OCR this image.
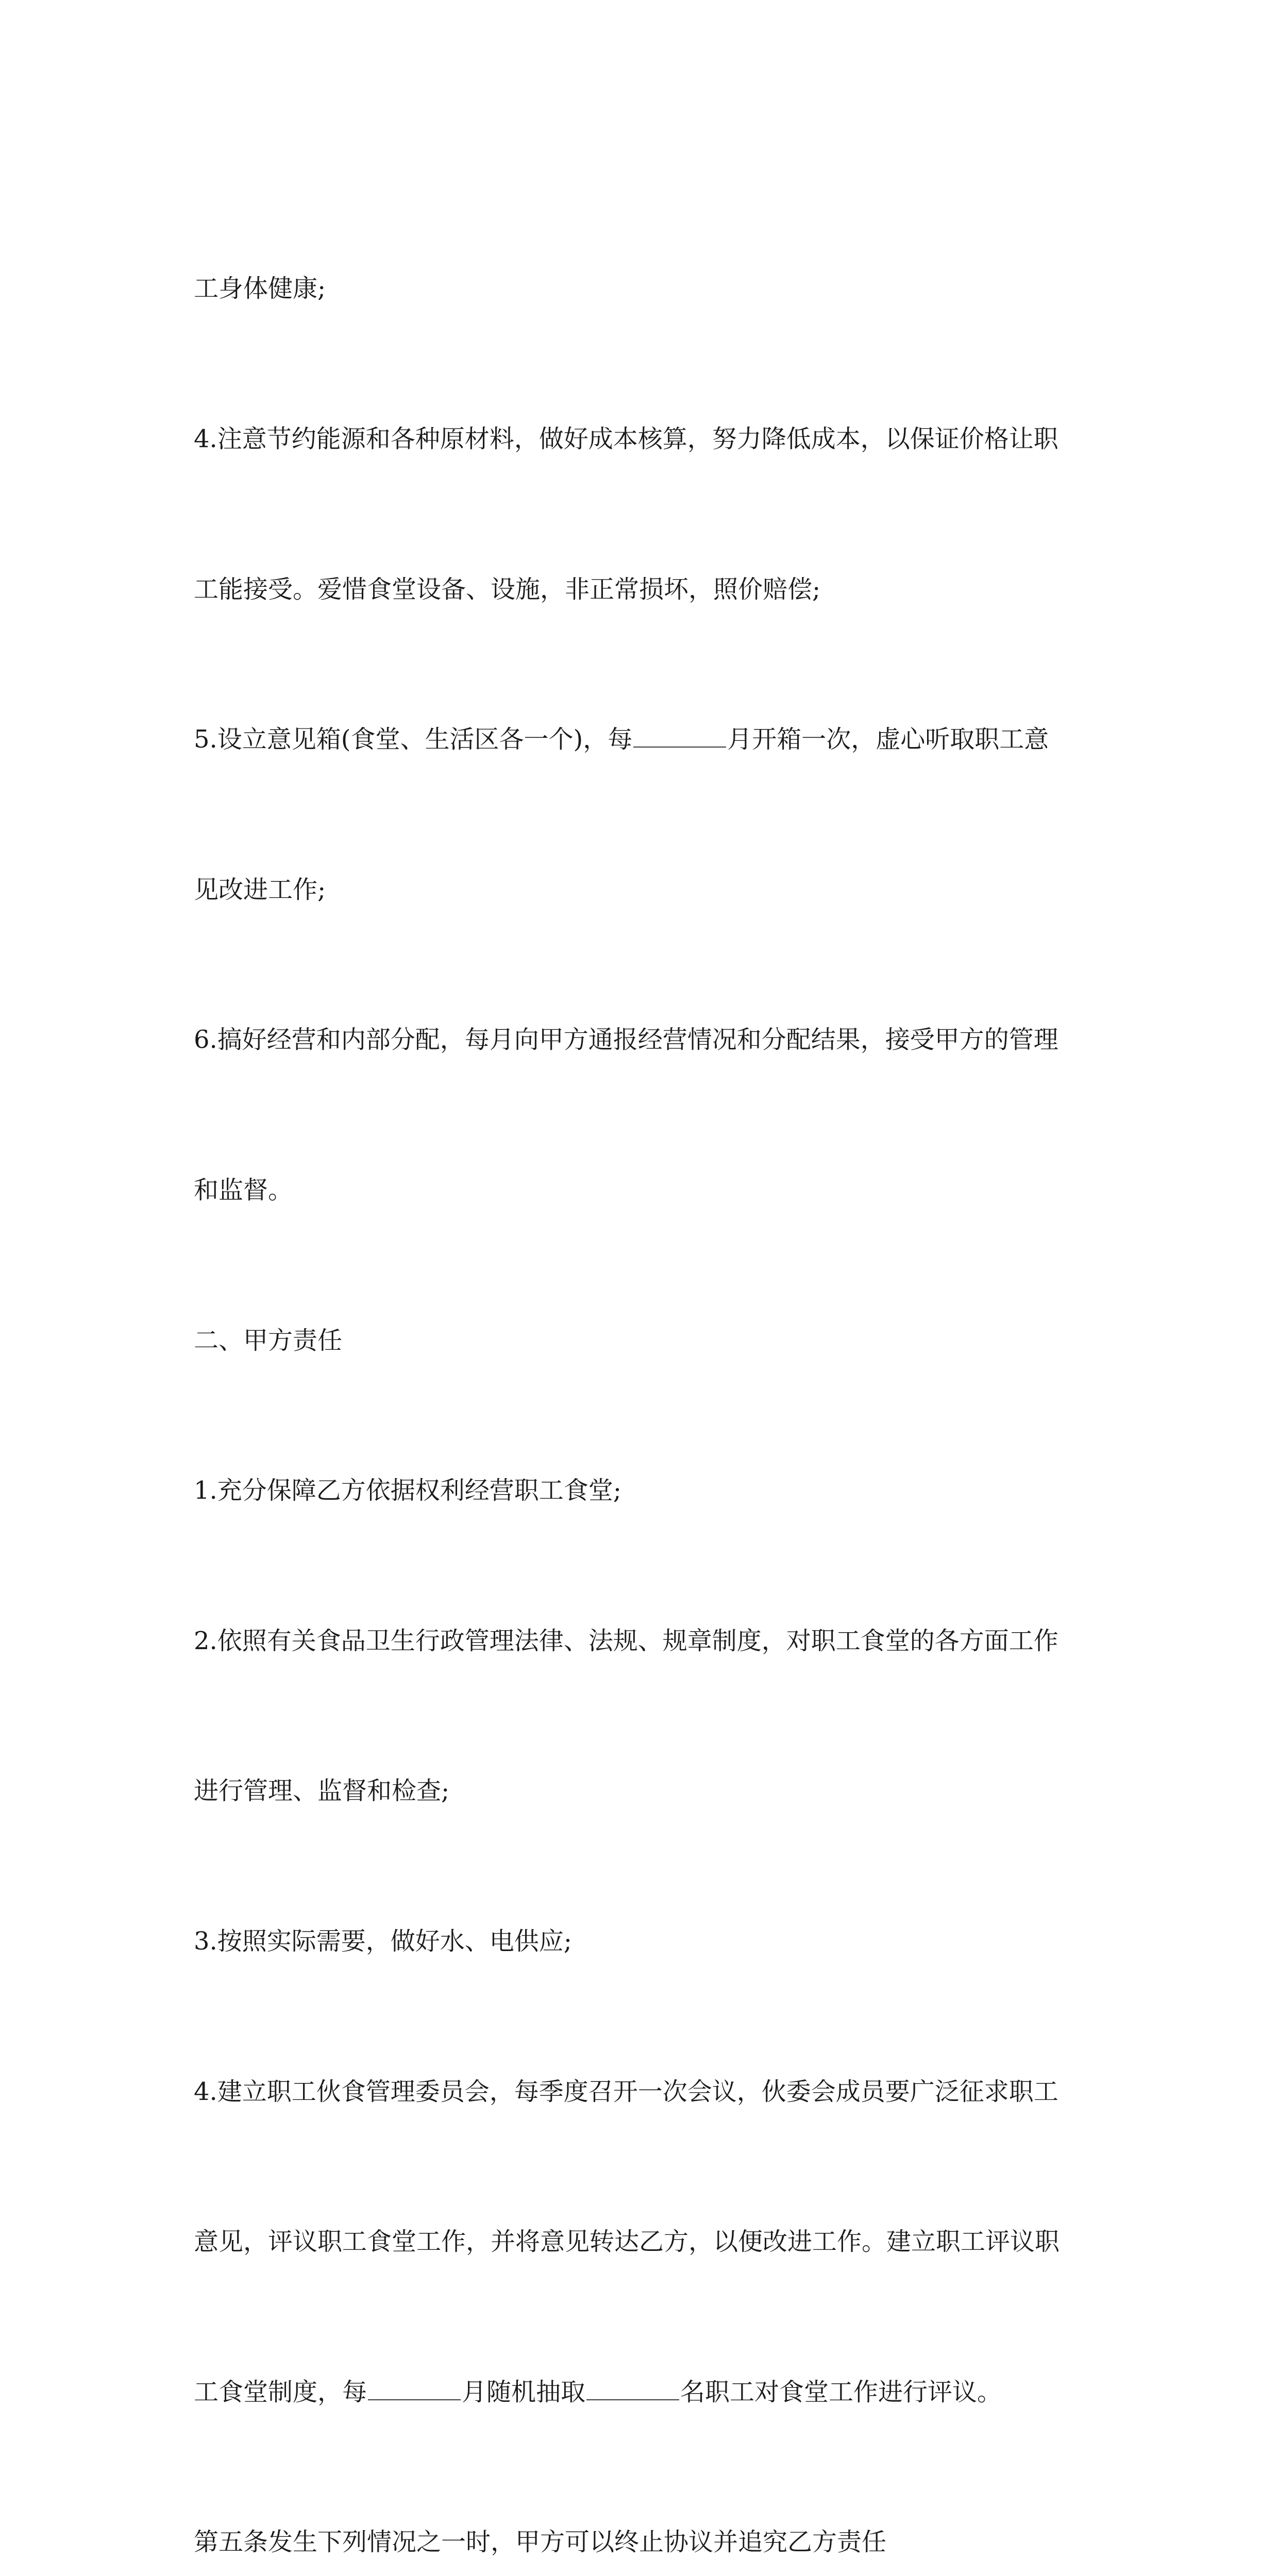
工身体健康;

4.注意节约能源和各种原材料，做好成本核算，努力降低成本，以保证价格让职

工能接受。爱惜食堂设备、设施，非正常损坏，照价赔偿;

5.设立意见箱(食堂、生活区各一个)，每	月开箱一次，虚心听取职工意

见改进工作;

6.搞好经营和内部分配，每月向甲方通报经营情况和分配结果，接受甲方的管理

和监督。

二、甲方责任

1.充分保障乙方依据权利经营职工食堂;

2.依照有关食品卫生行政管理法律、法规、规章制度，对职工食堂的各方面工作

进行管理、监督和检查;

3.按照实际需要，做好水、电供应;

4.建立职工伙食管理委员会，每季度召开一次会议，伙委会成员要广泛征求职工

意见，评议职工食堂工作，并将意见转达乙方，以便改进工作。建立职工评议职

工食堂制度，每	月随机抽取	名职工对食堂工作进行评议。

第五条发生下列情况之一时，甲方可以终止协议并追究乙方责任
